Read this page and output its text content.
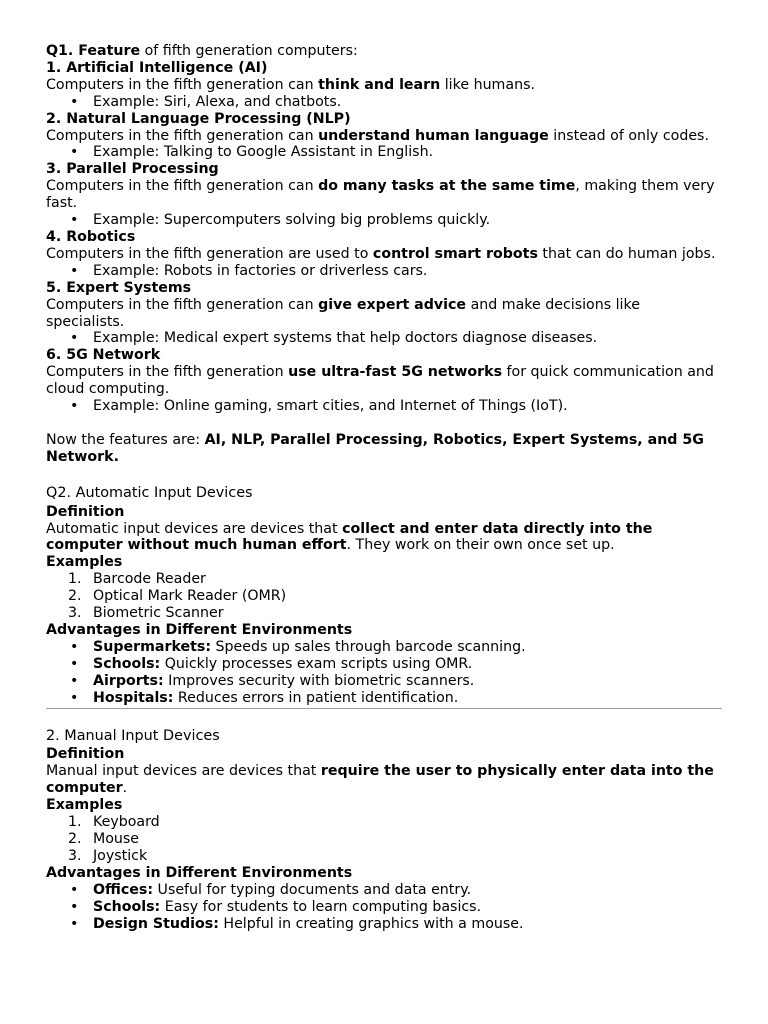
Q1. Feature of fifth generation computers:

1. Artificial Intelligence (AI)

Computers in the fifth generation can think and learn like humans.

• Example: Siri, Alexa, and chatbots.

2. Natural Language Processing (NLP)

Computers in the fifth generation can understand human language instead of only codes.

• Example: Talking to Google Assistant in English.

3. Parallel Processing

Computers in the fifth generation can do many tasks at the same time, making them very fast.

• Example: Supercomputers solving big problems quickly.

4. Robotics

Computers in the fifth generation are used to control smart robots that can do human jobs.

• Example: Robots in factories or driverless cars.

5. Expert Systems

Computers in the fifth generation can give expert advice and make decisions like specialists.

• Example: Medical expert systems that help doctors diagnose diseases.

6. 5G Network

Computers in the fifth generation use ultra-fast 5G networks for quick communication and cloud computing.

• Example: Online gaming, smart cities, and Internet of Things (IoT).

Now the features are: AI, NLP, Parallel Processing, Robotics, Expert Systems, and 5G Network.

Q2. Automatic Input Devices

Definition

Automatic input devices are devices that collect and enter data directly into the computer without much human effort. They work on their own once set up.

Examples

1. Barcode Reader

2. Optical Mark Reader (OMR)

3. Biometric Scanner

Advantages in Different Environments

• Supermarkets: Speeds up sales through barcode scanning.

• Schools: Quickly processes exam scripts using OMR.

• Airports: Improves security with biometric scanners.

• Hospitals: Reduces errors in patient identification.

2. Manual Input Devices

Definition

Manual input devices are devices that require the user to physically enter data into the computer.

Examples

1. Keyboard

2. Mouse

3. Joystick

Advantages in Different Environments

• Offices: Useful for typing documents and data entry.

• Schools: Easy for students to learn computing basics.

• Design Studios: Helpful in creating graphics with a mouse.
